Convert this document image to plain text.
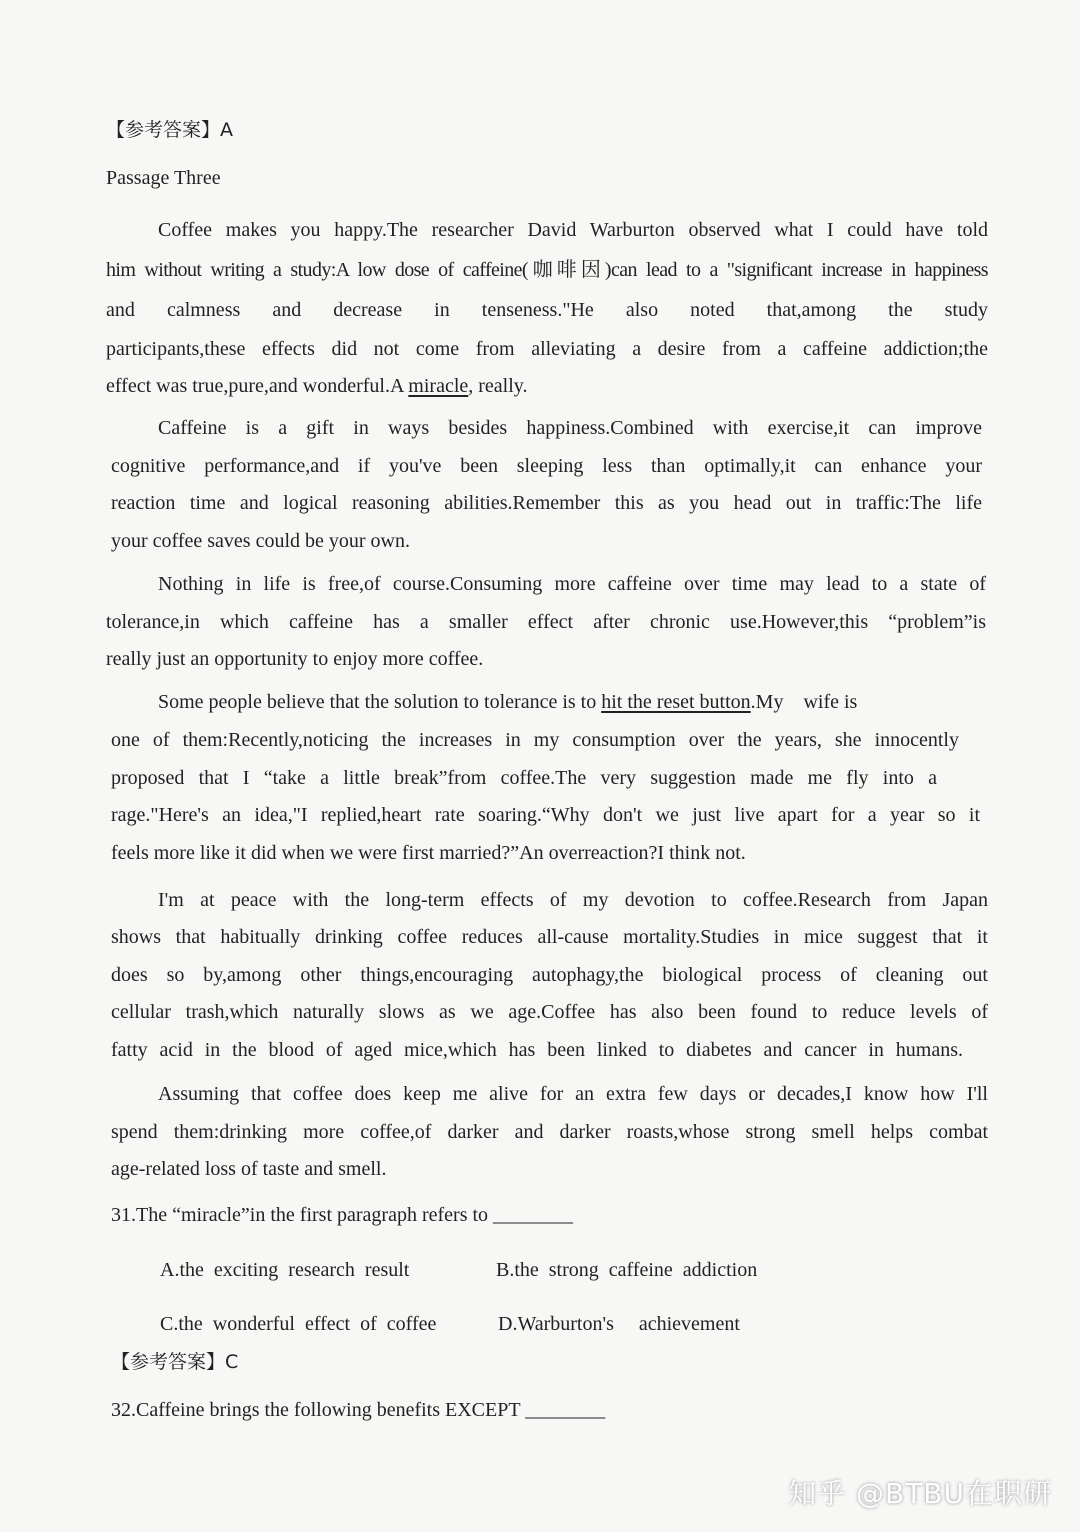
【参考答案】A
Passage Three
Coffee makes you happy.The researcher David Warburton observed what I could have told
him without writing a study:A low dose of caffeine(咖啡因)can lead to a "significant increase in happiness
and calmness and decrease in tenseness."He also noted that,among the study
participants,these effects did not come from alleviating a desire from a caffeine addiction;the
effect was true,pure,and wonderful.A miracle, really.
Caffeine is a gift in ways besides happiness.Combined with exercise,it can improve
cognitive performance,and if you've been sleeping less than optimally,it can enhance your
reaction time and logical reasoning abilities.Remember this as you head out in traffic:The life
your coffee saves could be your own.
Nothing in life is free,of course.Consuming more caffeine over time may lead to a state of
tolerance,in which caffeine has a smaller effect after chronic use.However,this “problem”is
really just an opportunity to enjoy more coffee.
Some people believe that the solution to tolerance is to hit the reset button.My    wife is
one of them:Recently,noticing the increases in my consumption over the years, she innocently
proposed that I “take a little break”from coffee.The very suggestion made me fly into a
rage."Here's an idea,"I replied,heart rate soaring.“Why don't we just live apart for a year so it
feels more like it did when we were first married?”An overreaction?I think not.
I'm at peace with the long-term effects of my devotion to coffee.Research from Japan
shows that habitually drinking coffee reduces all-cause mortality.Studies in mice suggest that it
does so by,among other things,encouraging autophagy,the biological process of cleaning out
cellular trash,which naturally slows as we age.Coffee has also been found to reduce levels of
fatty acid in the blood of aged mice,which has been linked to diabetes and cancer in humans.
Assuming that coffee does keep me alive for an extra few days or decades,I know how I'll
spend them:drinking more coffee,of darker and darker roasts,whose strong smell helps combat
age-related loss of taste and smell.
31.The “miracle”in the first paragraph refers to ________
A.the  exciting  research  result	B.the  strong  caffeine  addiction
C.the  wonderful  effect  of  coffee	D.Warburton's     achievement
【参考答案】C
32.Caffeine brings the following benefits EXCEPT ________
知乎 @BTBU在职研
